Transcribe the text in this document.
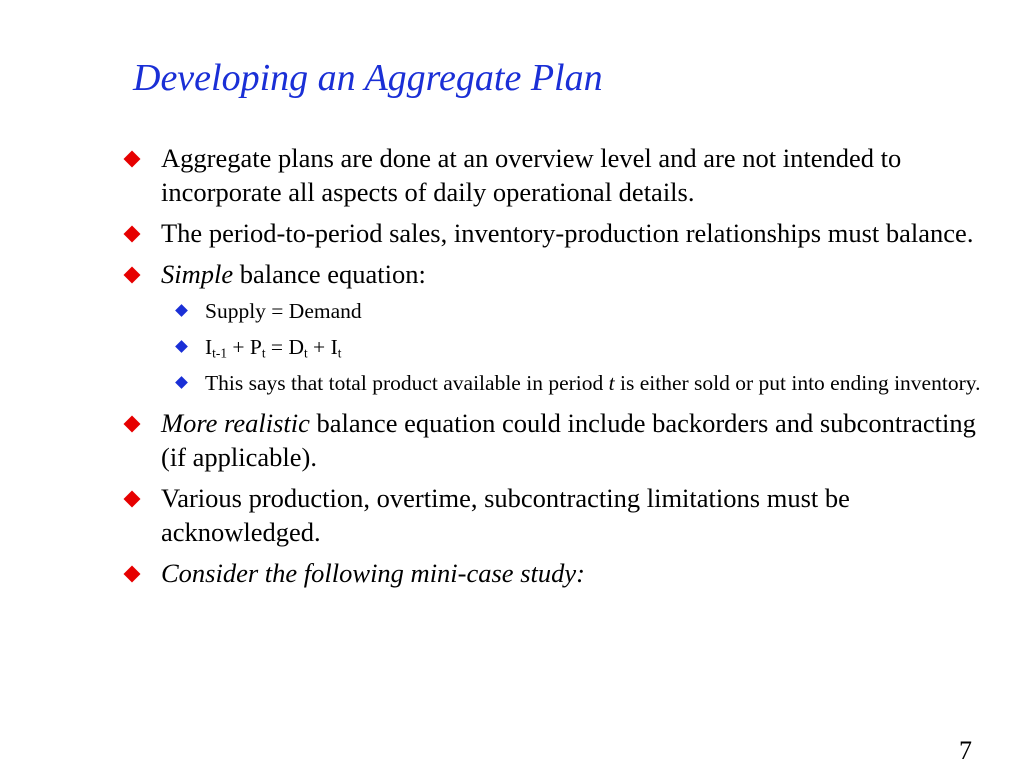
Developing an Aggregate Plan
Aggregate plans are done at an overview level and are not intended to incorporate all aspects of daily operational details.
The period-to-period sales, inventory-production relationships must balance.
Simple balance equation:
Supply = Demand
$I_{t-1} + P_t = D_t + I_t$
This says that total product available in period t is either sold or put into ending inventory.
More realistic balance equation could include backorders and subcontracting (if applicable).
Various production, overtime, subcontracting limitations must be acknowledged.
Consider the following mini-case study:
7
